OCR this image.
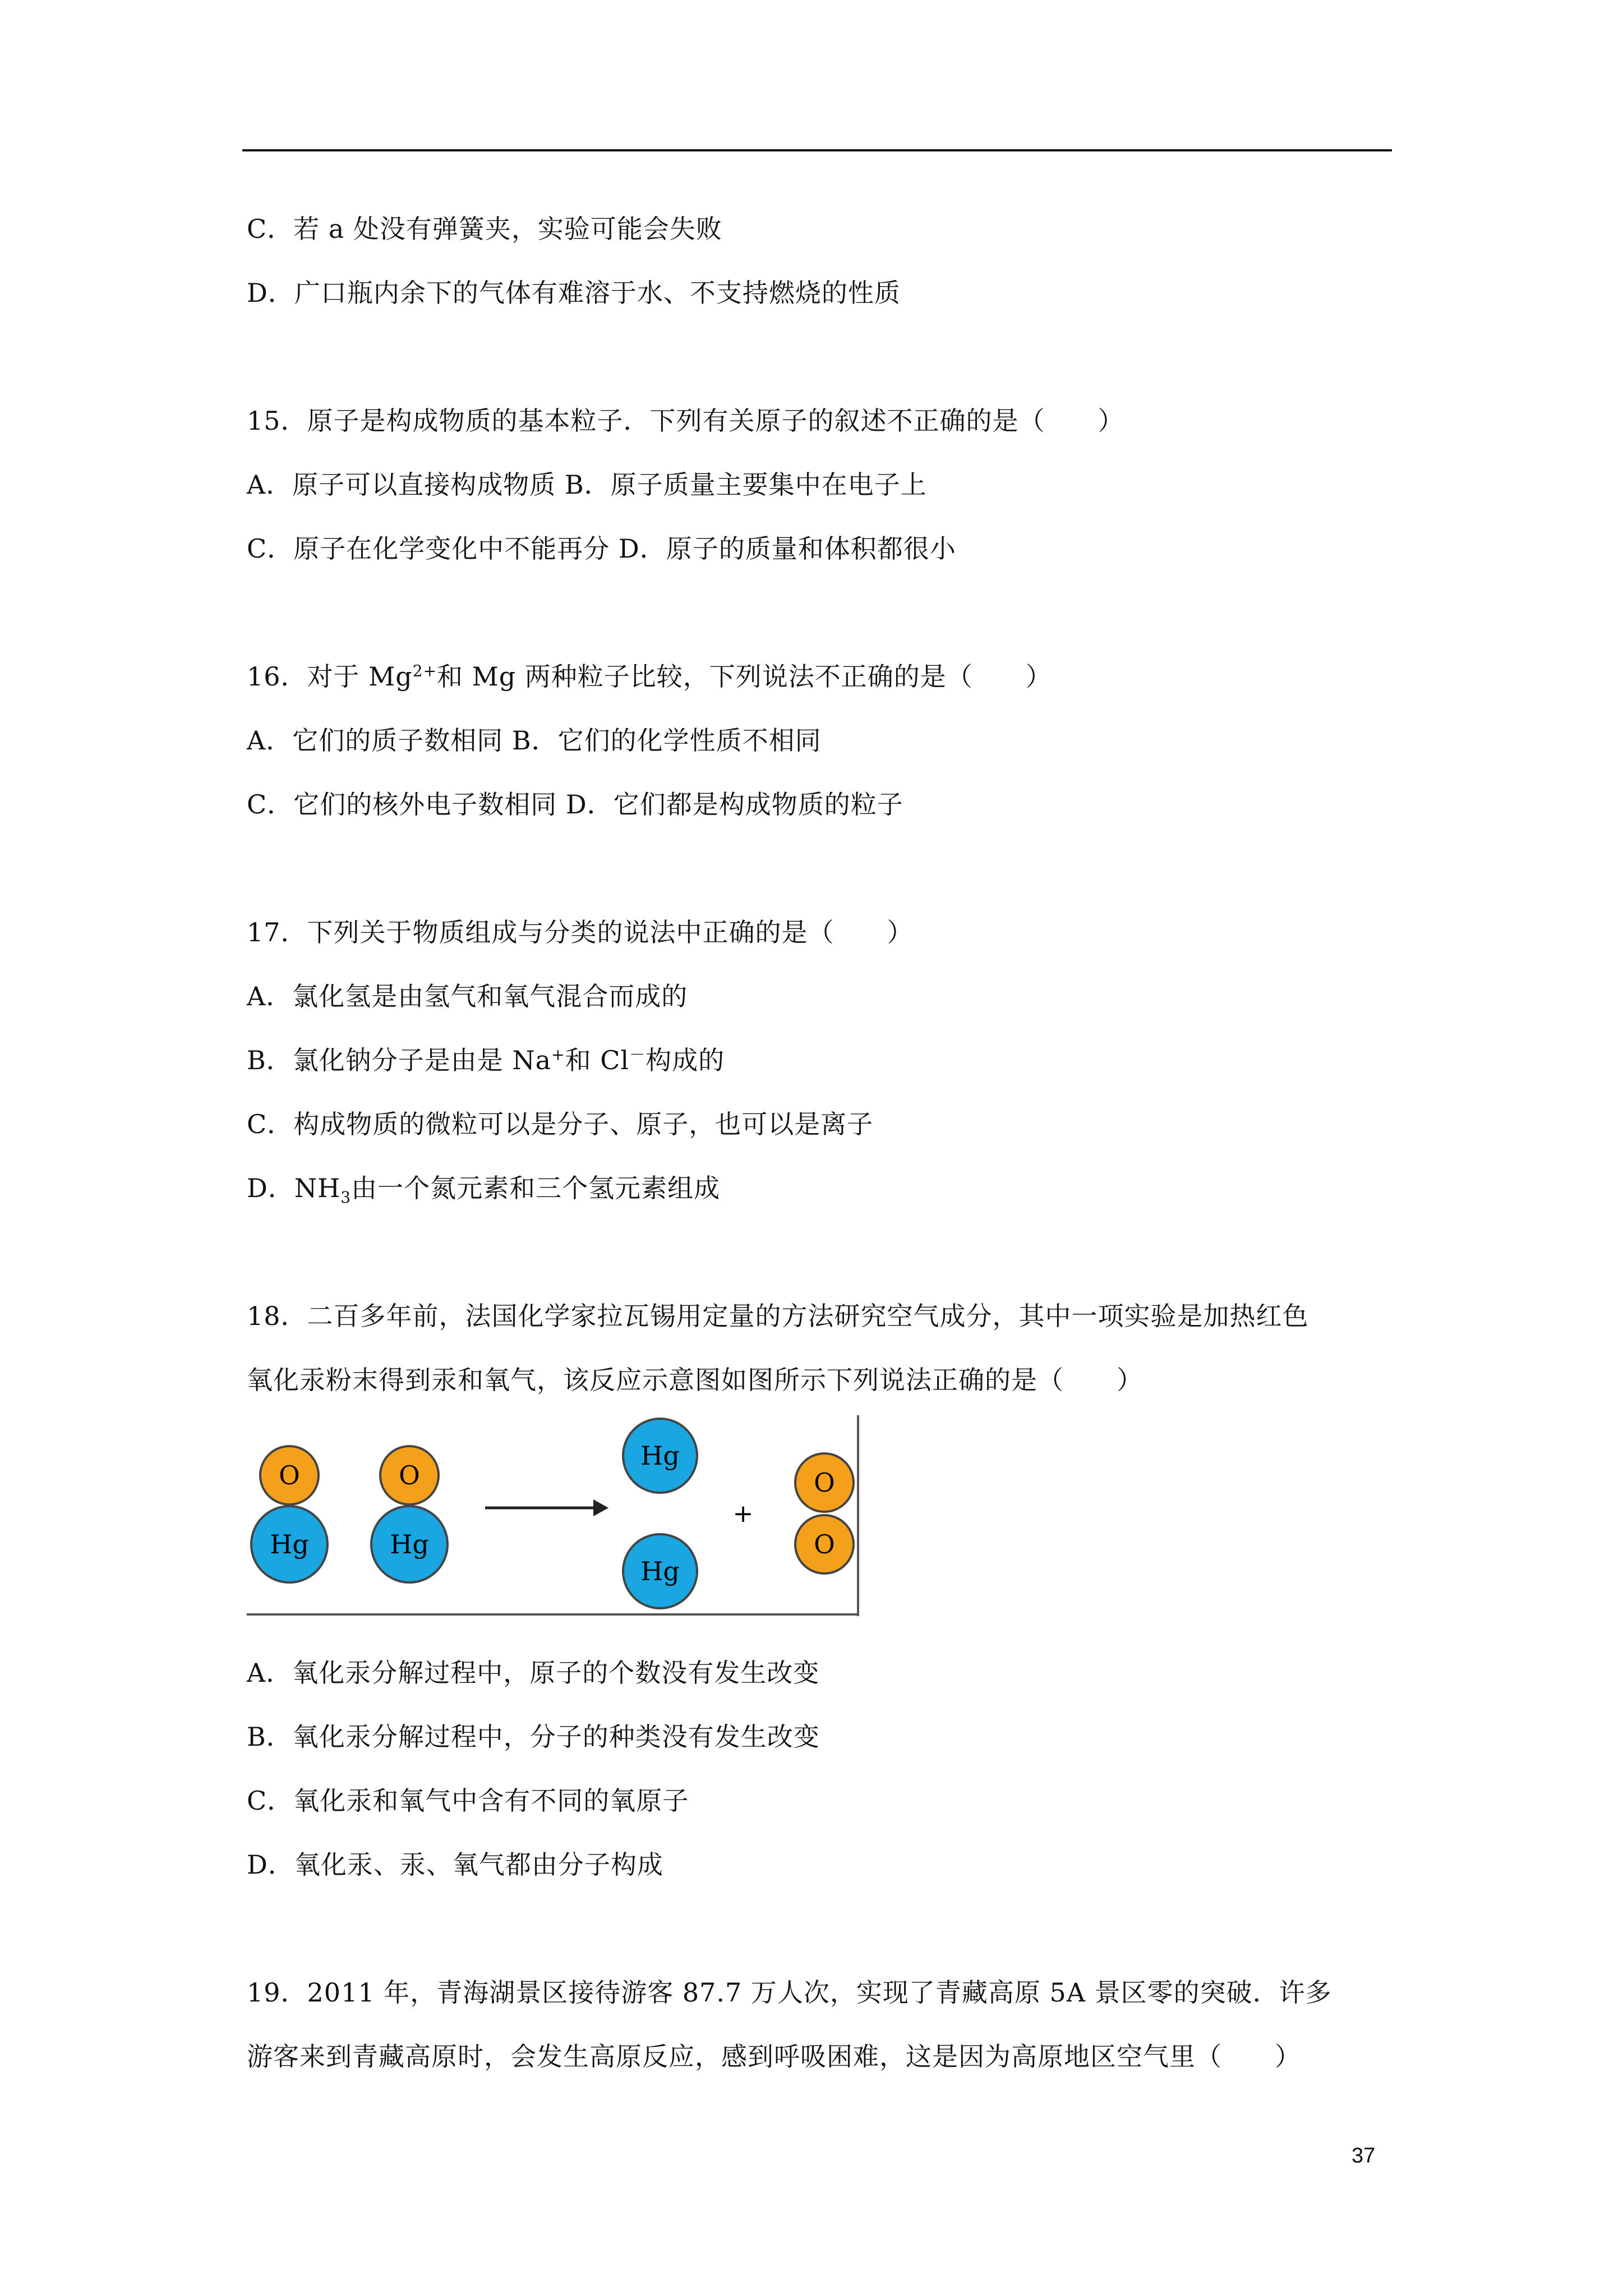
C．若 a 处没有弹簧夹，实验可能会失败
D．广口瓶内余下的气体有难溶于水、不支持燃烧的性质
15．原子是构成物质的基本粒子．下列有关原子的叙述不正确的是（　　）
A．原子可以直接构成物质 B．原子质量主要集中在电子上
C．原子在化学变化中不能再分 D．原子的质量和体积都很小
16．对于 $Mg^{2+}$和 Mg 两种粒子比较，下列说法不正确的是（　　）
A．它们的质子数相同 B．它们的化学性质不相同
C．它们的核外电子数相同 D．它们都是构成物质的粒子
17．下列关于物质组成与分类的说法中正确的是（　　）
A．氯化氢是由氢气和氧气混合而成的
B．氯化钠分子是由是 Na+和 Cl－构成的
C．构成物质的微粒可以是分子、原子，也可以是离子
D．$NH_3$由一个氮元素和三个氢元素组成
18．二百多年前，法国化学家拉瓦锡用定量的方法研究空气成分，其中一项实验是加热红色
氧化汞粉末得到汞和氧气，该反应示意图如图所示下列说法正确的是（　　）
O
Hg
O
Hg
Hg
Hg
+
O
O
A．氧化汞分解过程中，原子的个数没有发生改变
B．氧化汞分解过程中，分子的种类没有发生改变
C．氧化汞和氧气中含有不同的氧原子
D．氧化汞、汞、氧气都由分子构成
19．2011 年，青海湖景区接待游客 87.7 万人次，实现了青藏高原 5A 景区零的突破．许多
游客来到青藏高原时，会发生高原反应，感到呼吸困难，这是因为高原地区空气里（　　）
37
